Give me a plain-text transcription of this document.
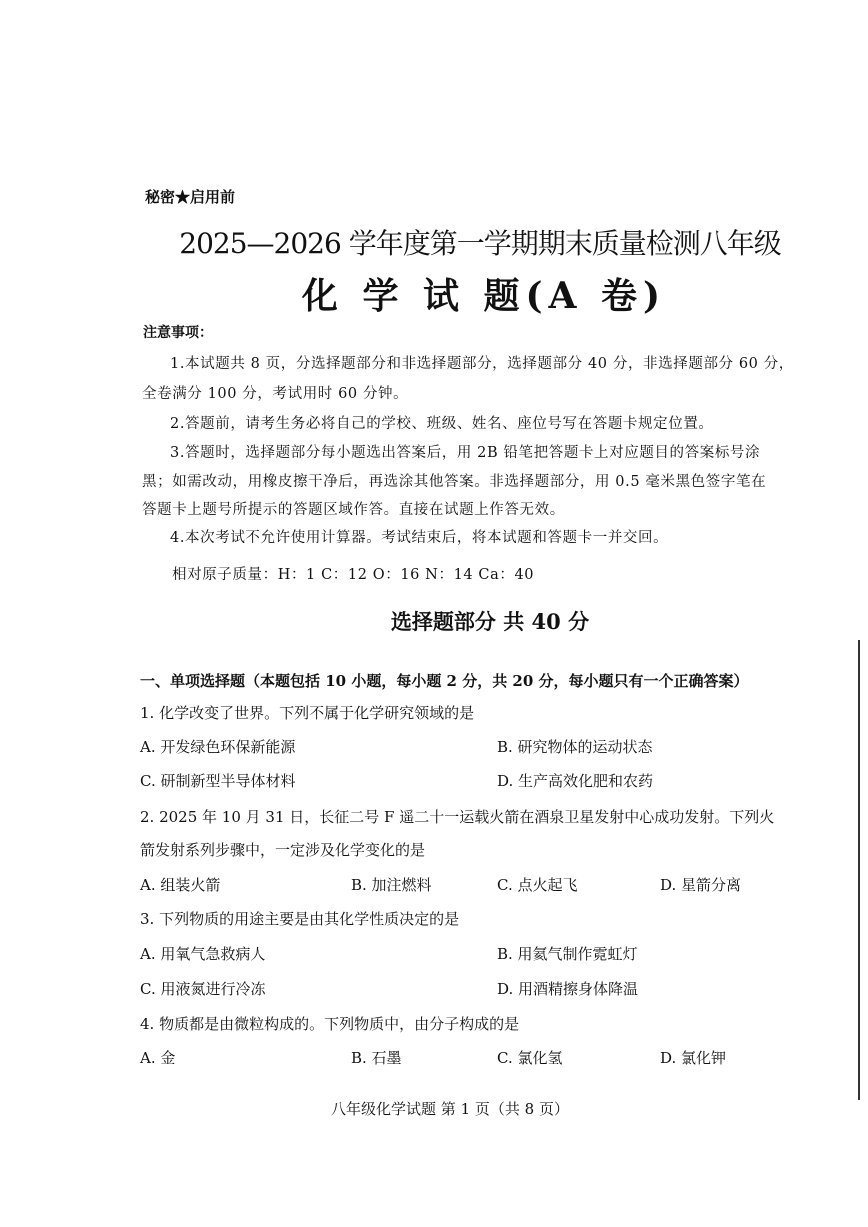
秘密★启用前
2025—2026 学年度第一学期期末质量检测八年级
化 学 试 题(A 卷)
注意事项：
1.本试题共 8 页，分选择题部分和非选择题部分，选择题部分 40 分，非选择题部分 60 分，
全卷满分 100 分，考试用时 60 分钟。
2.答题前，请考生务必将自己的学校、班级、姓名、座位号写在答题卡规定位置。
3.答题时，选择题部分每小题选出答案后，用 2B 铅笔把答题卡上对应题目的答案标号涂
黑；如需改动，用橡皮擦干净后，再选涂其他答案。非选择题部分，用 0.5 毫米黑色签字笔在
答题卡上题号所提示的答题区域作答。直接在试题上作答无效。
4.本次考试不允许使用计算器。考试结束后，将本试题和答题卡一并交回。
相对原子质量：H：1 C：12 O：16 N：14 Ca：40
选择题部分 共 40 分
一、单项选择题（本题包括 10 小题，每小题 2 分，共 20 分，每小题只有一个正确答案）
1. 化学改变了世界。下列不属于化学研究领域的是
A. 开发绿色环保新能源	B. 研究物体的运动状态
C. 研制新型半导体材料	D. 生产高效化肥和农药
2. 2025 年 10 月 31 日，长征二号 F 遥二十一运载火箭在酒泉卫星发射中心成功发射。下列火
箭发射系列步骤中，一定涉及化学变化的是
A. 组装火箭	B. 加注燃料	C. 点火起飞	D. 星箭分离
3. 下列物质的用途主要是由其化学性质决定的是
A. 用氧气急救病人	B. 用氦气制作霓虹灯
C. 用液氮进行冷冻	D. 用酒精擦身体降温
4. 物质都是由微粒构成的。下列物质中，由分子构成的是
A. 金	B. 石墨	C. 氯化氢	D. 氯化钾
八年级化学试题 第 1 页（共 8 页）
